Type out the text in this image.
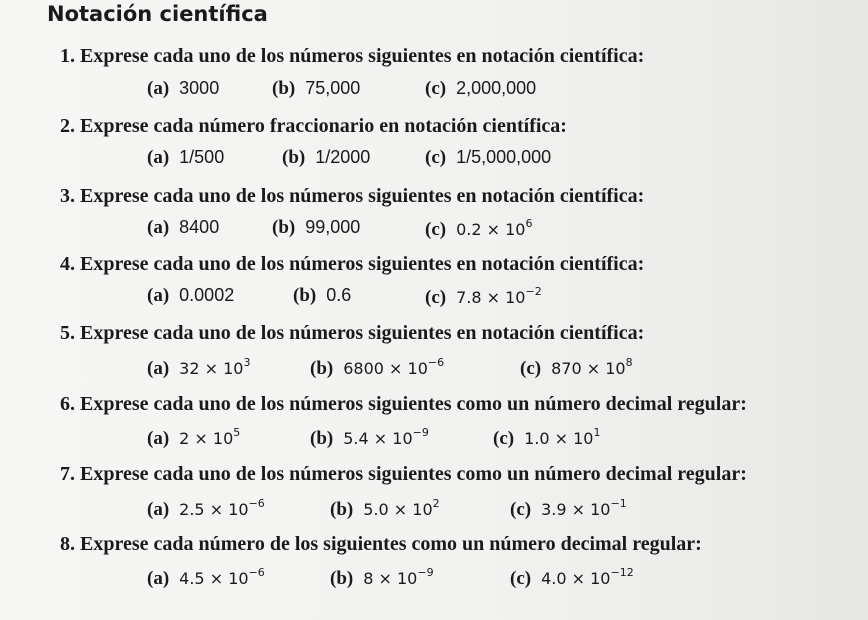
Notación científica
1. Exprese cada uno de los números siguientes en notación científica:
(a) 3000	(b) 75,000	(c) 2,000,000
2. Exprese cada número fraccionario en notación científica:
(a) 1/500	(b) 1/2000	(c) 1/5,000,000
3. Exprese cada uno de los números siguientes en notación científica:
(a) 8400	(b) 99,000	(c) $0.2 \times 10^6$
4. Exprese cada uno de los números siguientes en notación científica:
(a) 0.0002	(b) 0.6	(c) $7.8 \times 10^{-2}$
5. Exprese cada uno de los números siguientes en notación científica:
(a) $32 \times 10^3$	(b) $6800 \times 10^{-6}$	(c) $870 \times 10^8$
6. Exprese cada uno de los números siguientes como un número decimal regular:
(a) $2 \times 10^5$	(b) $5.4 \times 10^{-9}$	(c) $1.0 \times 10^1$
7. Exprese cada uno de los números siguientes como un número decimal regular:
(a) $2.5 \times 10^{-6}$	(b) $5.0 \times 10^2$	(c) $3.9 \times 10^{-1}$
8. Exprese cada número de los siguientes como un número decimal regular:
(a) $4.5 \times 10^{-6}$	(b) $8 \times 10^{-9}$	(c) $4.0 \times 10^{-12}$
